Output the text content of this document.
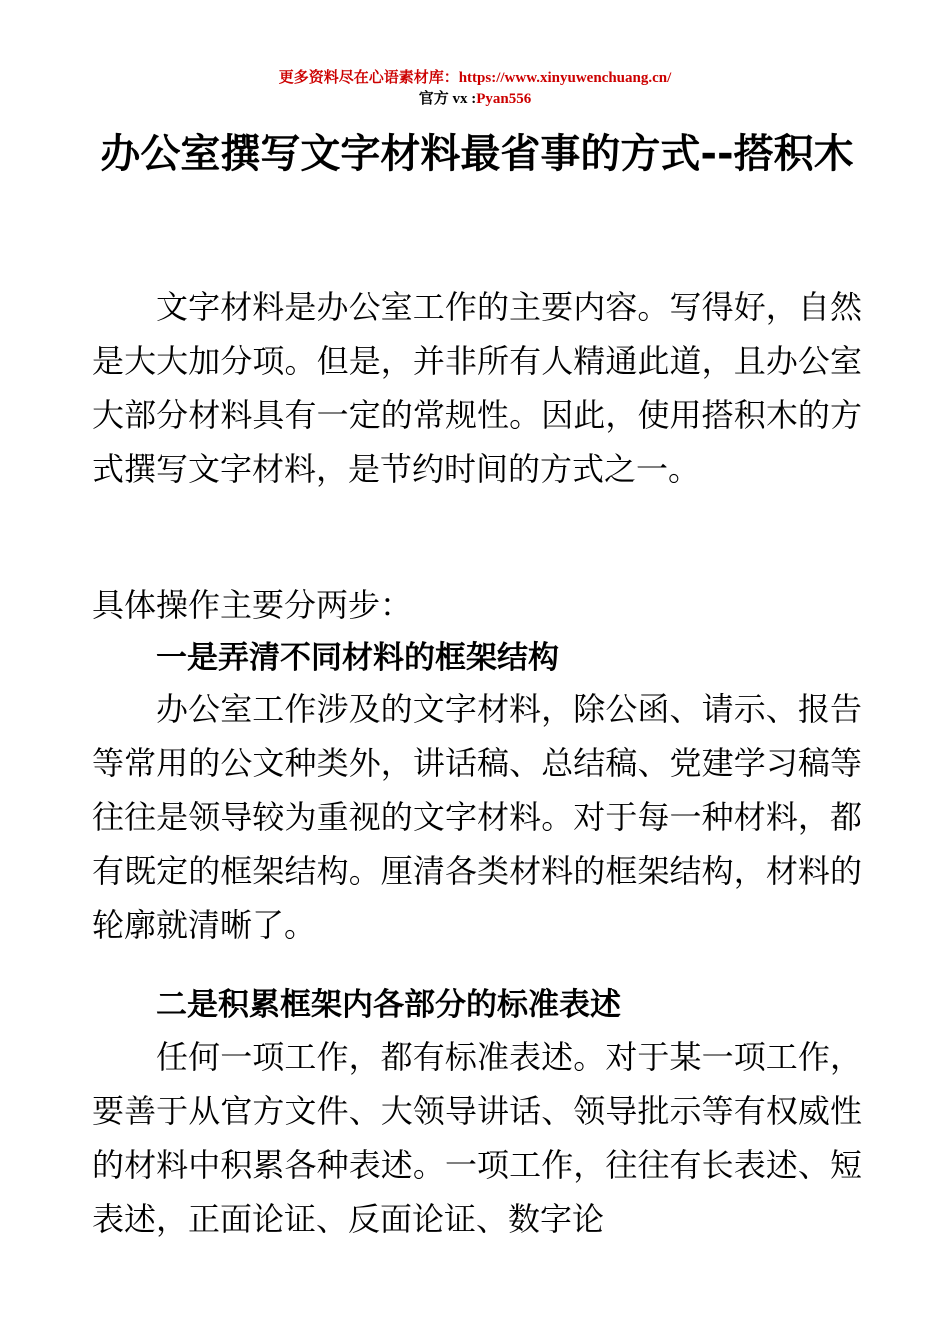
更多资料尽在心语素材库：https://www.xinyuwenchuang.cn/
官方 vx :Pyan556
办公室撰写文字材料最省事的方式--搭积木

文字材料是办公室工作的主要内容。写得好，自然是大大加分项。但是，并非所有人精通此道，且办公室大部分材料具有一定的常规性。因此，使用搭积木的方式撰写文字材料，是节约时间的方式之一。

具体操作主要分两步：

一是弄清不同材料的框架结构

办公室工作涉及的文字材料，除公函、请示、报告等常用的公文种类外，讲话稿、总结稿、党建学习稿等往往是领导较为重视的文字材料。对于每一种材料，都有既定的框架结构。厘清各类材料的框架结构，材料的轮廓就清晰了。

二是积累框架内各部分的标准表述

任何一项工作，都有标准表述。对于某一项工作，要善于从官方文件、大领导讲话、领导批示等有权威性的材料中积累各种表述。一项工作，往往有长表述、短表述，正面论证、反面论证、数字论
